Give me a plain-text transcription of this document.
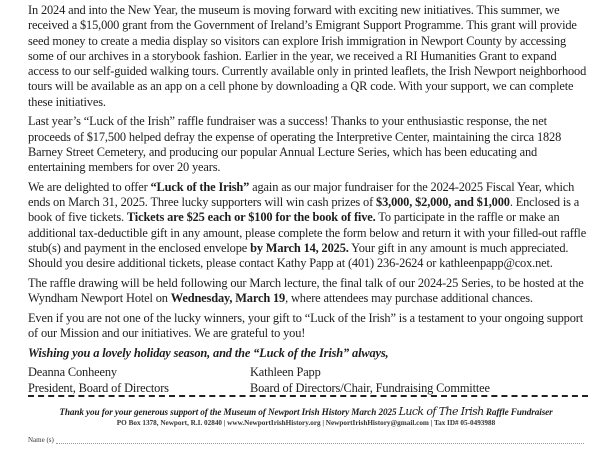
In 2024 and into the New Year, the museum is moving forward with exciting new initiatives. This summer, we received a $15,000 grant from the Government of Ireland’s Emigrant Support Programme. This grant will provide seed money to create a media display so visitors can explore Irish immigration in Newport County by accessing some of our archives in a storybook fashion. Earlier in the year, we received a RI Humanities Grant to expand access to our self-guided walking tours. Currently available only in printed leaflets, the Irish Newport neighborhood tours will be available as an app on a cell phone by downloading a QR code. With your support, we can complete these initiatives.

Last year’s “Luck of the Irish” raffle fundraiser was a success! Thanks to your enthusiastic response, the net proceeds of $17,500 helped defray the expense of operating the Interpretive Center, maintaining the circa 1828 Barney Street Cemetery, and producing our popular Annual Lecture Series, which has been educating and entertaining members for over 20 years.

We are delighted to offer “Luck of the Irish” again as our major fundraiser for the 2024-2025 Fiscal Year, which ends on March 31, 2025. Three lucky supporters will win cash prizes of $3,000, $2,000, and $1,000. Enclosed is a book of five tickets. Tickets are $25 each or $100 for the book of five. To participate in the raffle or make an additional tax-deductible gift in any amount, please complete the form below and return it with your filled-out raffle stub(s) and payment in the enclosed envelope by March 14, 2025. Your gift in any amount is much appreciated. Should you desire additional tickets, please contact Kathy Papp at (401) 236-2624 or kathleenpapp@cox.net.

The raffle drawing will be held following our March lecture, the final talk of our 2024-25 Series, to be hosted at the Wyndham Newport Hotel on Wednesday, March 19, where attendees may purchase additional chances.

Even if you are not one of the lucky winners, your gift to “Luck of the Irish” is a testament to your ongoing support of our Mission and our initiatives. We are grateful to you!

Wishing you a lovely holiday season, and the “Luck of the Irish” always,

Deanna Conheeny
President, Board of Directors
Kathleen Papp
Board of Directors/Chair, Fundraising Committee
Thank you for your generous support of the Museum of Newport Irish History March 2025 Luck of The Irish Raffle Fundraiser
PO Box 1378, Newport, R.I. 02840 | www.NewportIrishHistory.org | NewportIrishHistory@gmail.com | Tax ID# 05-0493988
Name (s)
